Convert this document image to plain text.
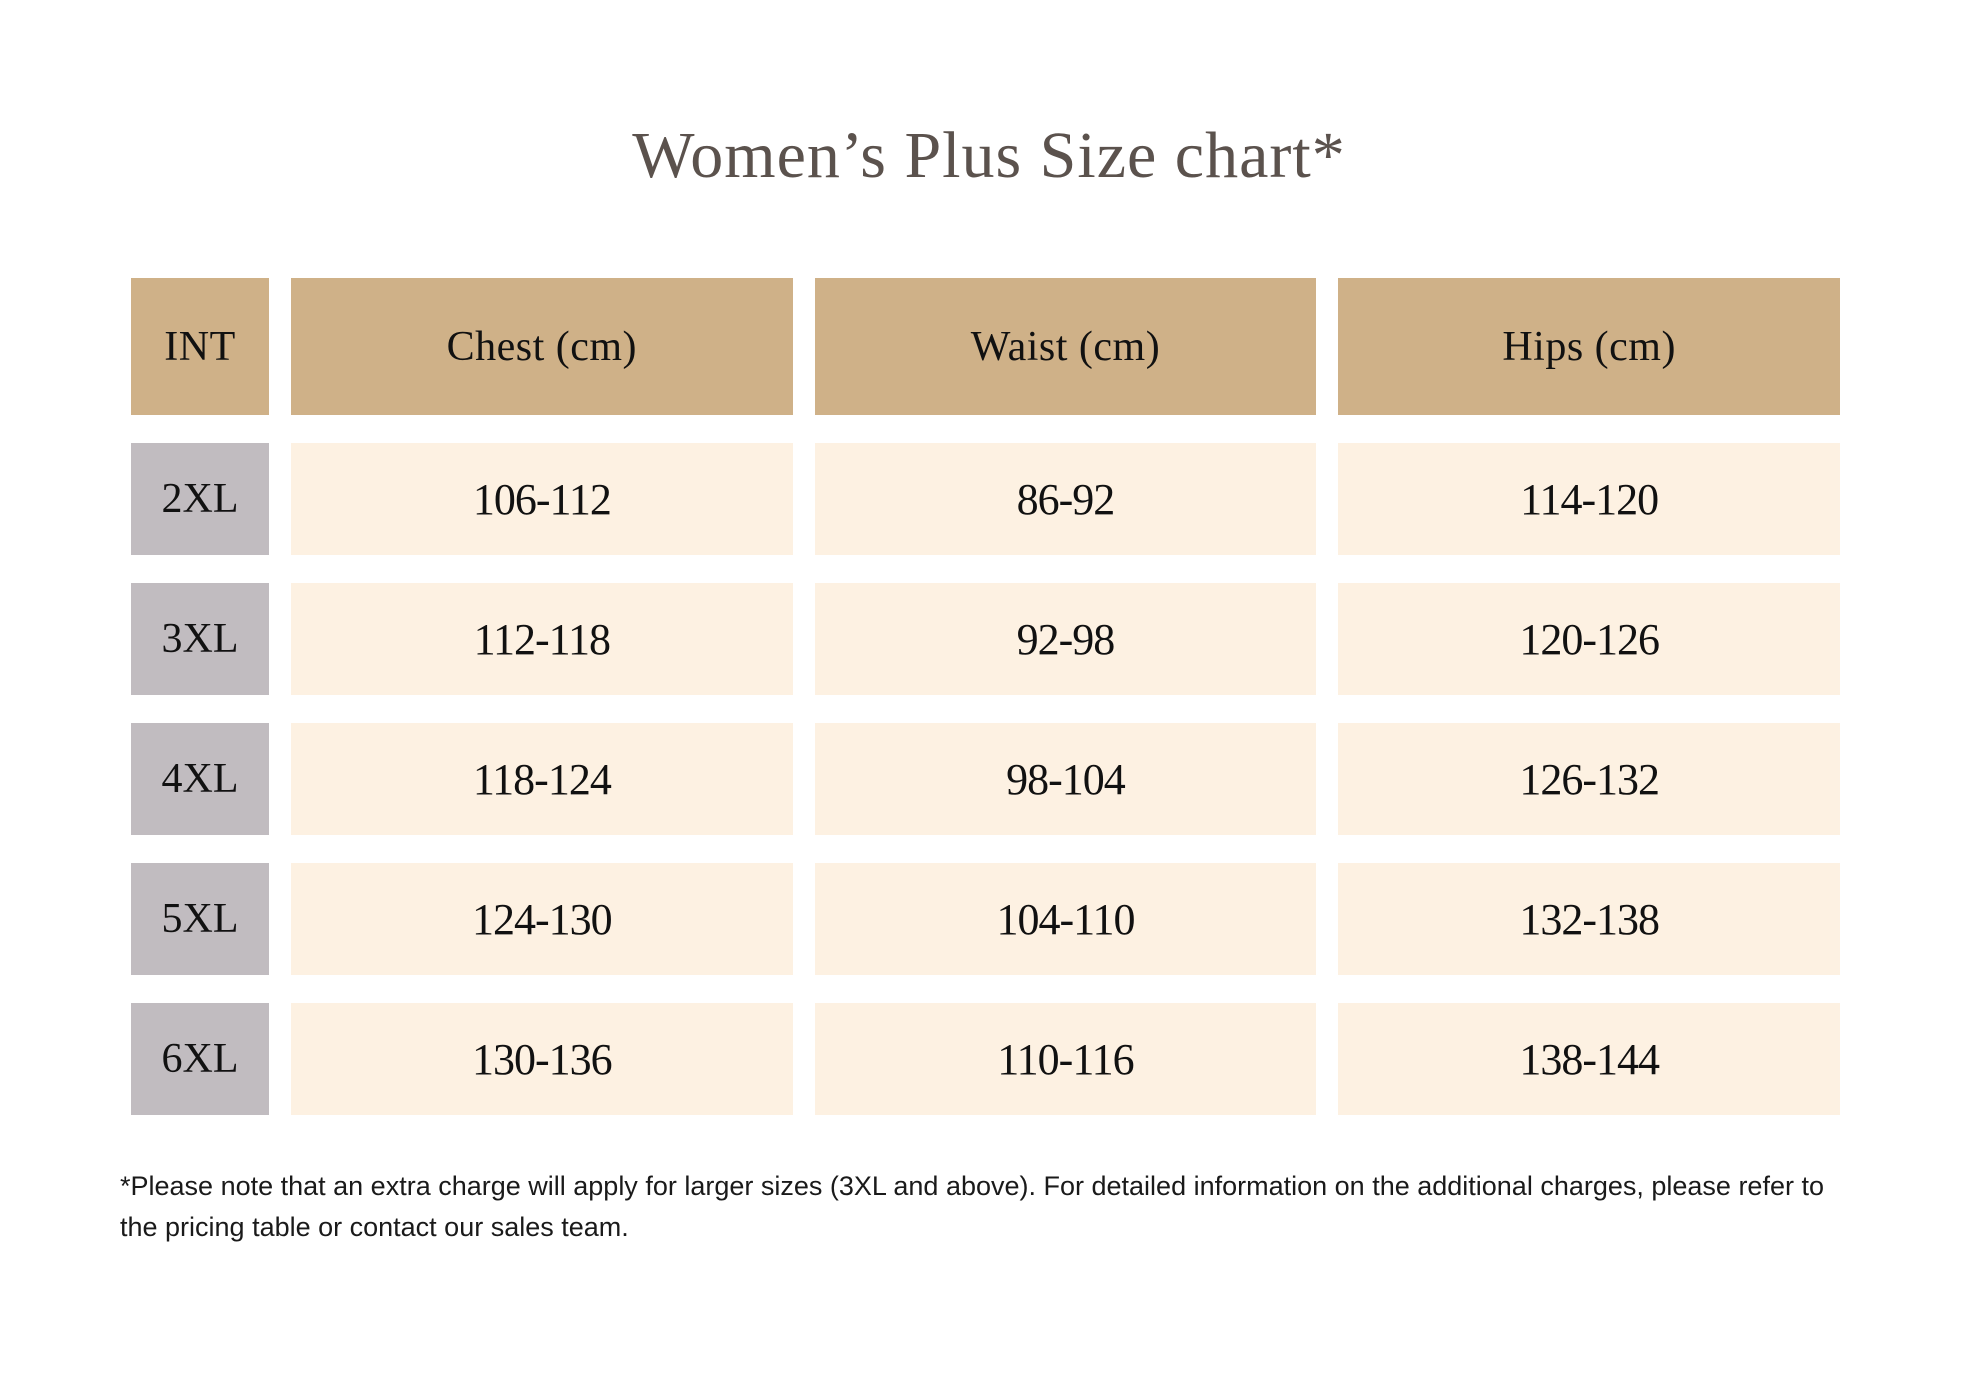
Women’s Plus Size chart*
INT	Chest (cm)	Waist (cm)	Hips (cm)
2XL	106-112	86-92	114-120
3XL	112-118	92-98	120-126
4XL	118-124	98-104	126-132
5XL	124-130	104-110	132-138
6XL	130-136	110-116	138-144

*Please note that an extra charge will apply for larger sizes (3XL and above). For detailed information on the additional charges, please refer to the pricing table or contact our sales team.
